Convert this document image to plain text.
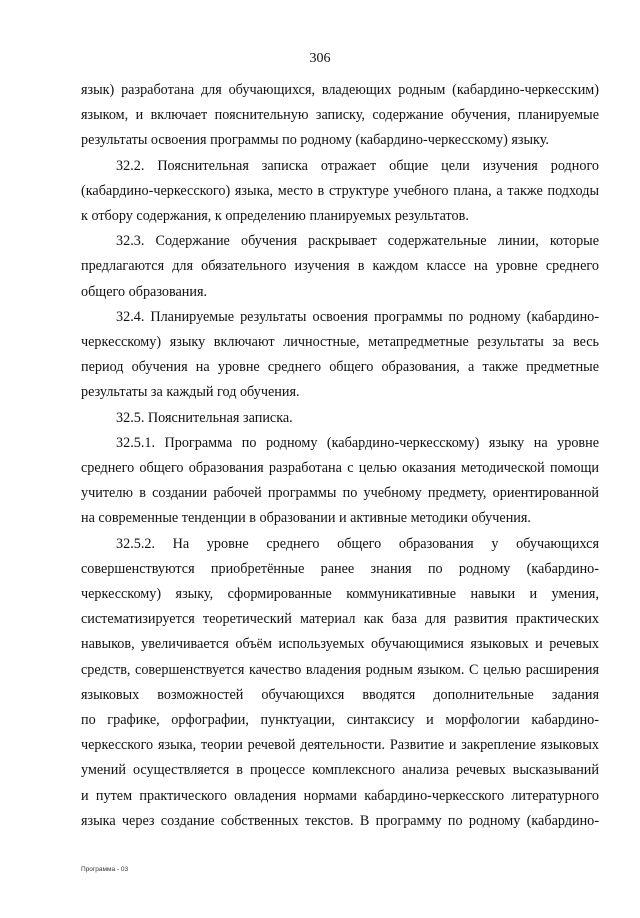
306

язык) разработана для обучающихся, владеющих родным (кабардино-черкесским)
языком, и включает пояснительную записку, содержание обучения, планируемые
результаты освоения программы по родному (кабардино-черкесскому) языку.

32.2. Пояснительная записка отражает общие цели изучения родного
(кабардино-черкесского) языка, место в структуре учебного плана, а также подходы
к отбору содержания, к определению планируемых результатов.

32.3. Содержание обучения раскрывает содержательные линии, которые
предлагаются для обязательного изучения в каждом классе на уровне среднего
общего образования.

32.4. Планируемые результаты освоения программы по родному (кабардино-
черкесскому) языку включают личностные, метапредметные результаты за весь
период обучения на уровне среднего общего образования, а также предметные
результаты за каждый год обучения.

32.5. Пояснительная записка.

32.5.1. Программа по родному (кабардино-черкесскому) языку на уровне
среднего общего образования разработана с целью оказания методической помощи
учителю в создании рабочей программы по учебному предмету, ориентированной
на современные тенденции в образовании и активные методики обучения.

32.5.2. На уровне среднего общего образования у обучающихся
совершенствуются приобретённые ранее знания по родному (кабардино-
черкесскому) языку, сформированные коммуникативные навыки и умения,
систематизируется теоретический материал как база для развития практических
навыков, увеличивается объём используемых обучающимися языковых и речевых
средств, совершенствуется качество владения родным языком. С целью расширения
языковых возможностей обучающихся вводятся дополнительные задания
по графике, орфографии, пунктуации, синтаксису и морфологии кабардино-
черкесского языка, теории речевой деятельности. Развитие и закрепление языковых
умений осуществляется в процессе комплексного анализа речевых высказываний
и путем практического овладения нормами кабардино-черкесского литературного
языка через создание собственных текстов. В программу по родному (кабардино-

Программа - 03
